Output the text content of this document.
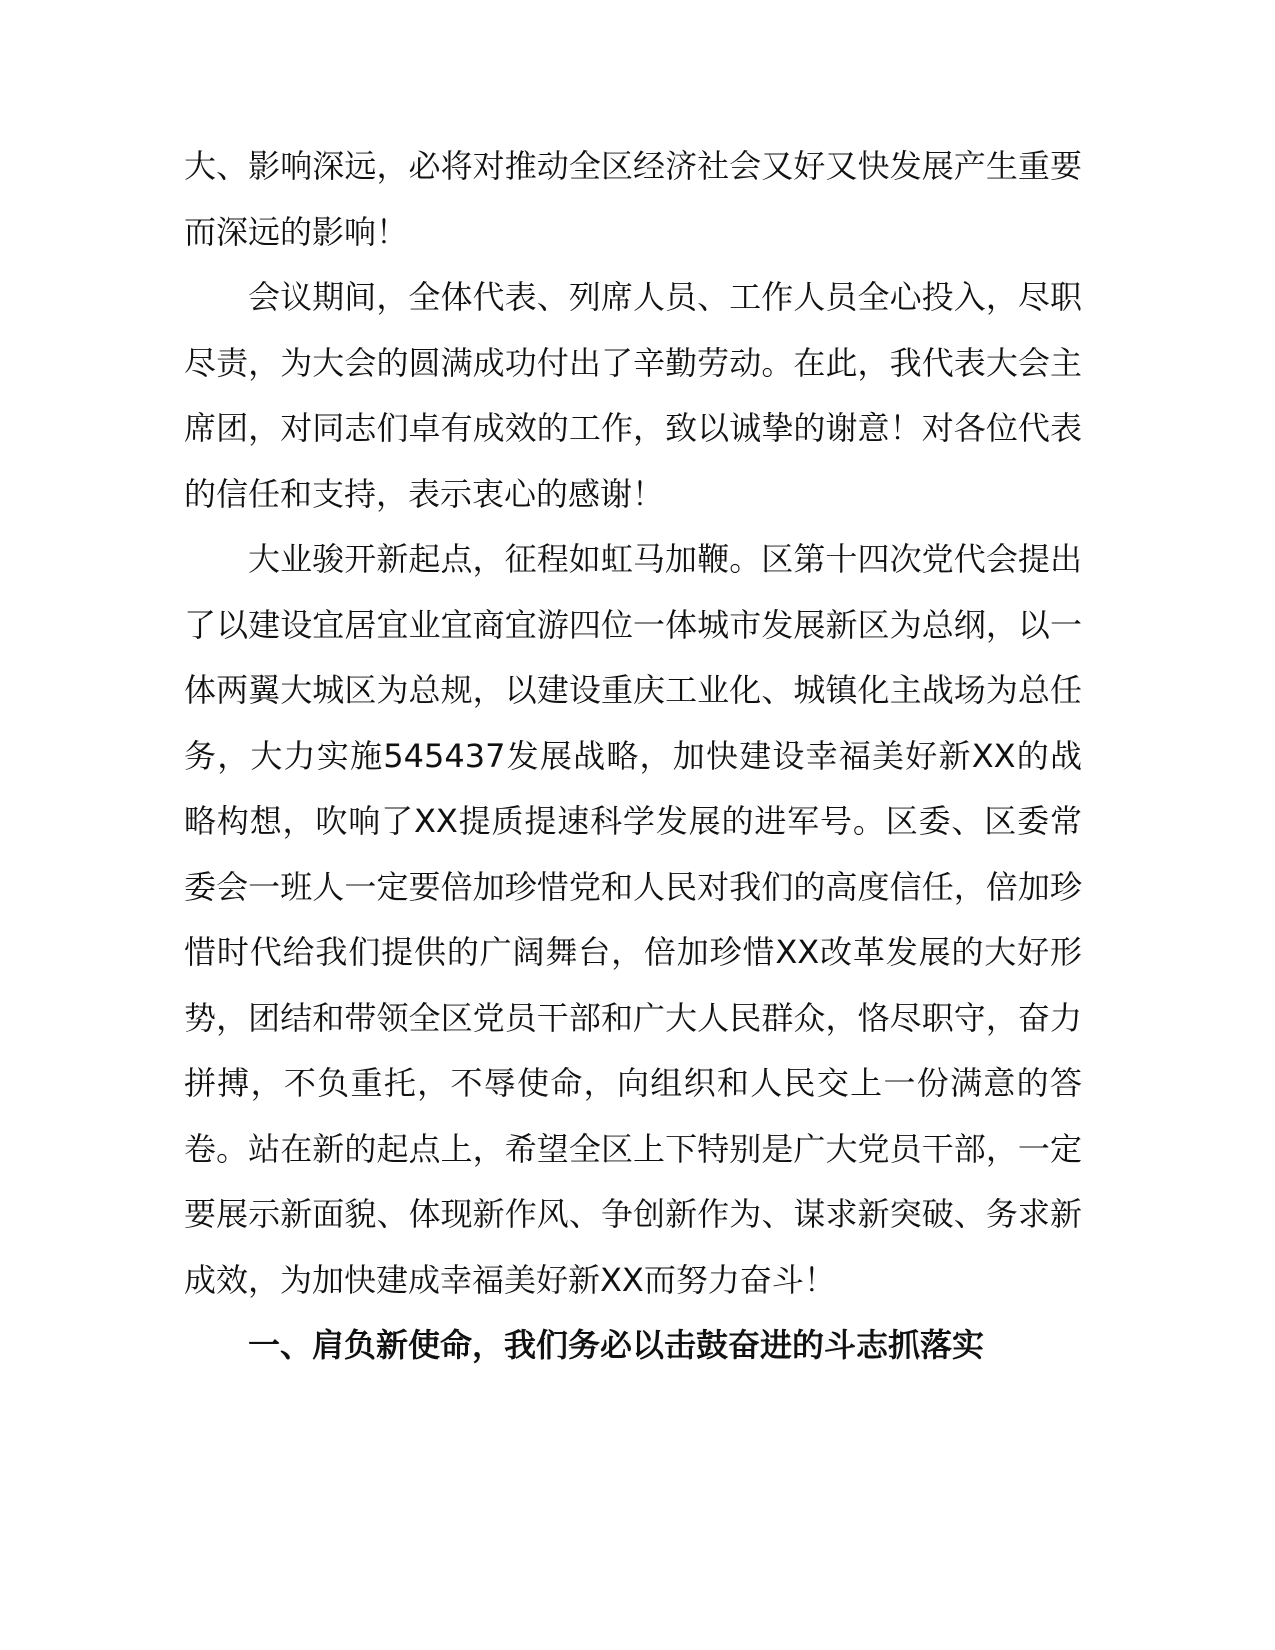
大、影响深远，必将对推动全区经济社会又好又快发展产生重要而深远的影响！

会议期间，全体代表、列席人员、工作人员全心投入，尽职尽责，为大会的圆满成功付出了辛勤劳动。在此，我代表大会主席团，对同志们卓有成效的工作，致以诚挚的谢意！对各位代表的信任和支持，表示衷心的感谢！

大业骏开新起点，征程如虹马加鞭。区第十四次党代会提出了以建设宜居宜业宜商宜游四位一体城市发展新区为总纲，以一体两翼大城区为总规，以建设重庆工业化、城镇化主战场为总任务，大力实施545437发展战略，加快建设幸福美好新XX的战略构想，吹响了XX提质提速科学发展的进军号。区委、区委常委会一班人一定要倍加珍惜党和人民对我们的高度信任，倍加珍惜时代给我们提供的广阔舞台，倍加珍惜XX改革发展的大好形势，团结和带领全区党员干部和广大人民群众，恪尽职守，奋力拼搏，不负重托，不辱使命，向组织和人民交上一份满意的答卷。站在新的起点上，希望全区上下特别是广大党员干部，一定要展示新面貌、体现新作风、争创新作为、谋求新突破、务求新成效，为加快建成幸福美好新XX而努力奋斗！

一、肩负新使命，我们务必以击鼓奋进的斗志抓落实
